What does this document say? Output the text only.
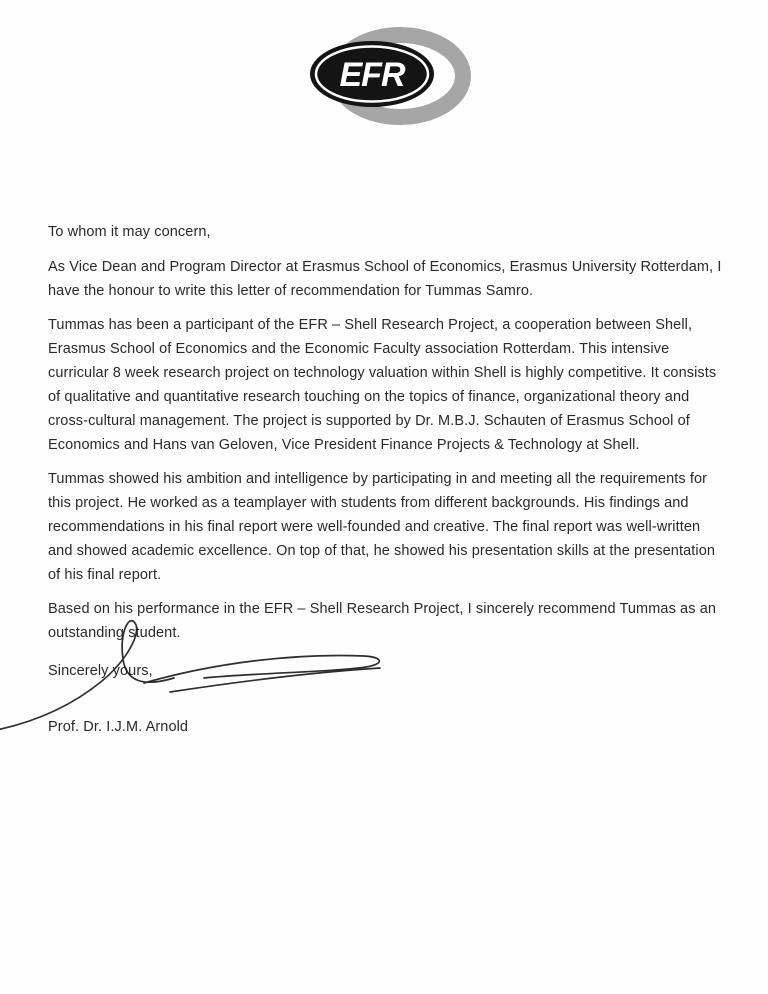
EFR

To whom it may concern,

As Vice Dean and Program Director at Erasmus School of Economics, Erasmus University Rotterdam, I have the honour to write this letter of recommendation for Tummas Samro.

Tummas has been a participant of the EFR – Shell Research Project, a cooperation between Shell, Erasmus School of Economics and the Economic Faculty association Rotterdam. This intensive curricular 8 week research project on technology valuation within Shell is highly competitive. It consists of qualitative and quantitative research touching on the topics of finance, organizational theory and cross-cultural management. The project is supported by Dr. M.B.J. Schauten of Erasmus School of Economics and Hans van Geloven, Vice President Finance Projects & Technology at Shell.

Tummas showed his ambition and intelligence by participating in and meeting all the requirements for this project. He worked as a teamplayer with students from different backgrounds. His findings and recommendations in his final report were well-founded and creative. The final report was well-written and showed academic excellence. On top of that, he showed his presentation skills at the presentation of his final report.

Based on his performance in the EFR – Shell Research Project, I sincerely recommend Tummas as an outstanding student.

Sincerely yours,

Prof. Dr. I.J.M. Arnold
